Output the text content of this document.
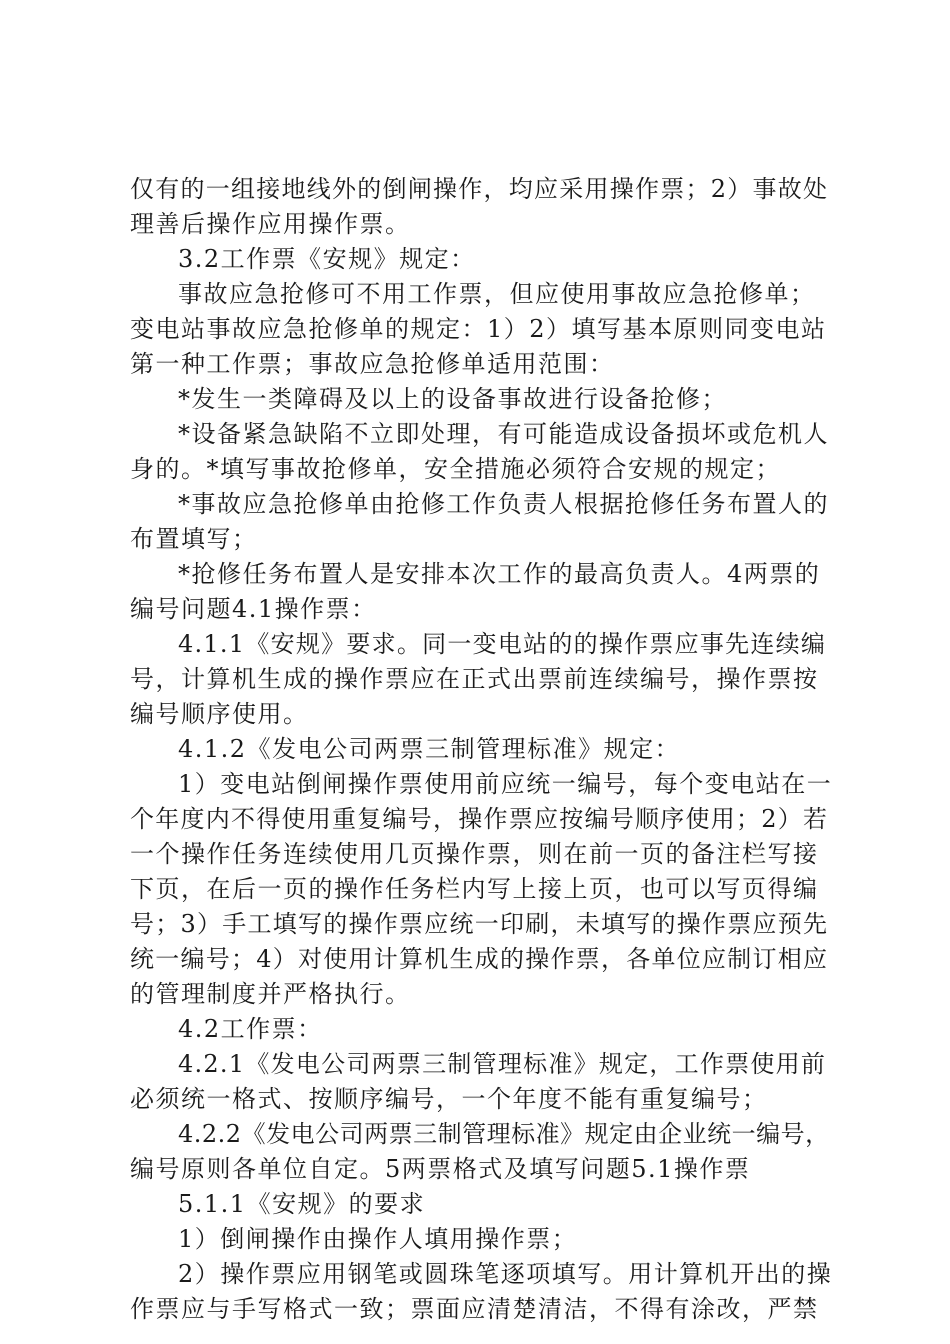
仅有的一组接地线外的倒闸操作，均应采用操作票；2）事故处
理善后操作应用操作票。
3.2工作票《安规》规定：
事故应急抢修可不用工作票，但应使用事故应急抢修单；
变电站事故应急抢修单的规定：1）2）填写基本原则同变电站
第一种工作票；事故应急抢修单适用范围：
*发生一类障碍及以上的设备事故进行设备抢修；
*设备紧急缺陷不立即处理，有可能造成设备损坏或危机人
身的。*填写事故抢修单，安全措施必须符合安规的规定；
*事故应急抢修单由抢修工作负责人根据抢修任务布置人的
布置填写；
*抢修任务布置人是安排本次工作的最高负责人。4两票的
编号问题4.1操作票：
4.1.1《安规》要求。同一变电站的的操作票应事先连续编
号，计算机生成的操作票应在正式出票前连续编号，操作票按
编号顺序使用。
4.1.2《发电公司两票三制管理标准》规定：
1）变电站倒闸操作票使用前应统一编号，每个变电站在一
个年度内不得使用重复编号，操作票应按编号顺序使用；2）若
一个操作任务连续使用几页操作票，则在前一页的备注栏写接
下页，在后一页的操作任务栏内写上接上页，也可以写页得编
号；3）手工填写的操作票应统一印刷，未填写的操作票应预先
统一编号；4）对使用计算机生成的操作票，各单位应制订相应
的管理制度并严格执行。
4.2工作票：
4.2.1《发电公司两票三制管理标准》规定，工作票使用前
必须统一格式、按顺序编号，一个年度不能有重复编号；
4.2.2《发电公司两票三制管理标准》规定由企业统一编号，
编号原则各单位自定。5两票格式及填写问题5.1操作票
5.1.1《安规》的要求
1）倒闸操作由操作人填用操作票；
2）操作票应用钢笔或圆珠笔逐项填写。用计算机开出的操
作票应与手写格式一致；票面应清楚清洁，不得有涂改，严禁
